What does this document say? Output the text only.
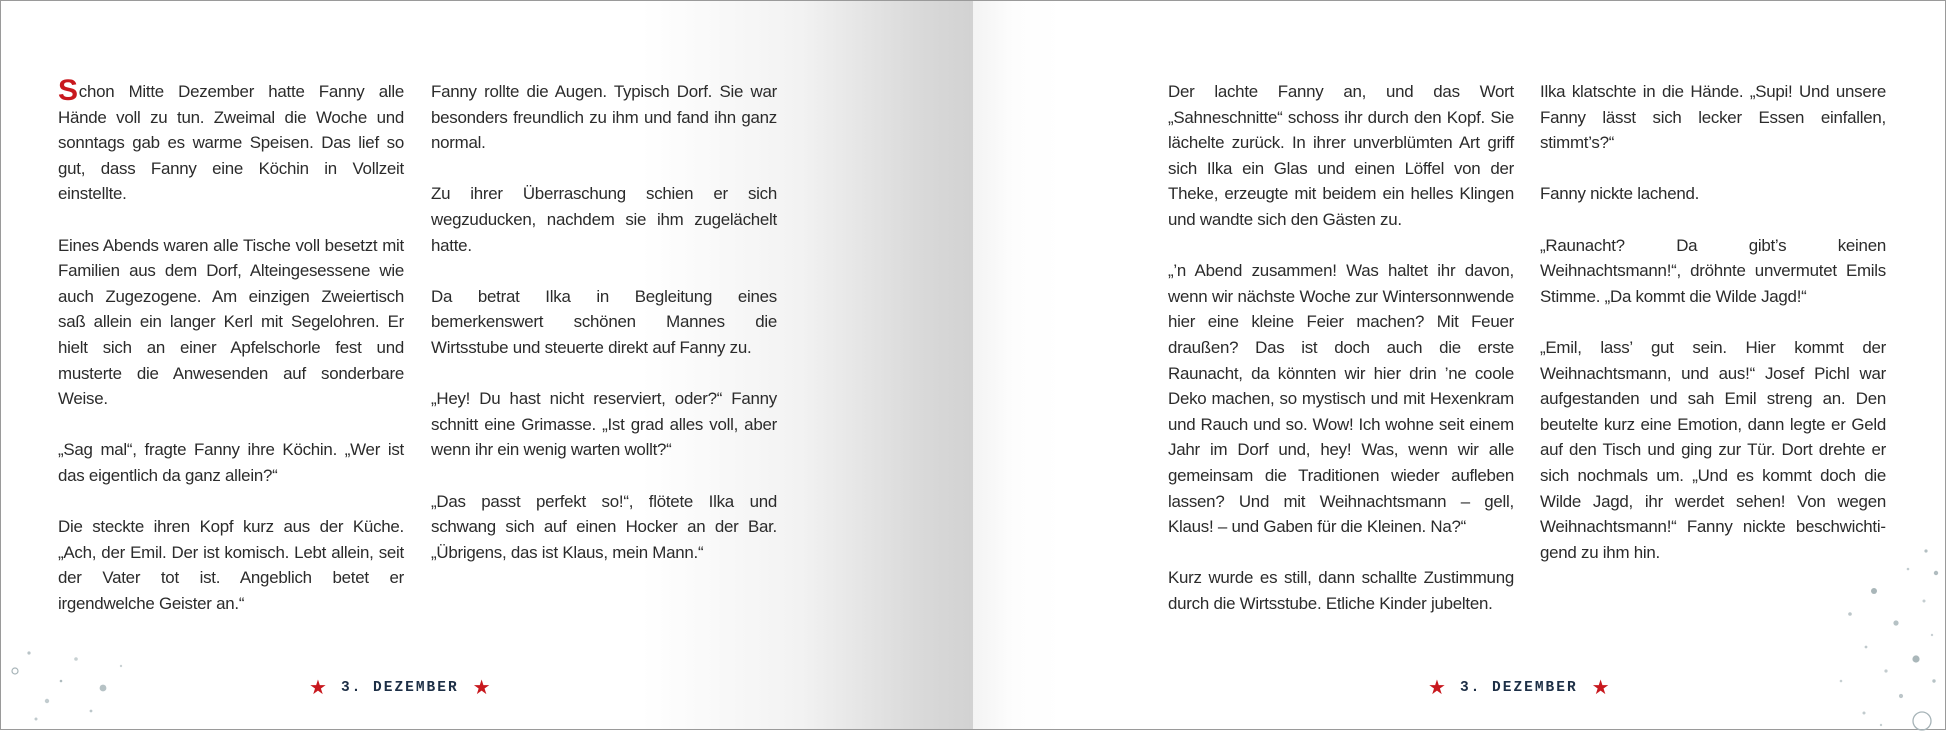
Schon Mitte Dezember hatte Fanny alle Hände voll zu tun. Zweimal die Woche und sonntags gab es warme Speisen. Das lief so gut, dass Fanny eine Köchin in Vollzeit einstellte.

Eines Abends waren alle Tische voll besetzt mit Familien aus dem Dorf, Alteingesessene wie auch Zugezogene. Am einzigen Zweiertisch saß allein ein langer Kerl mit Segelohren. Er hielt sich an einer Apfelschorle fest und musterte die Anwesenden auf sonderbare Weise.

„Sag mal“, fragte Fanny ihre Köchin. „Wer ist das eigentlich da ganz allein?“

Die steckte ihren Kopf kurz aus der Küche. „Ach, der Emil. Der ist komisch. Lebt allein, seit der Vater tot ist. Angeblich betet er irgendwelche Geister an.“

Fanny rollte die Augen. Typisch Dorf. Sie war besonders freundlich zu ihm und fand ihn ganz normal.

Zu ihrer Überraschung schien er sich wegzuducken, nachdem sie ihm zugelächelt hatte.

Da betrat Ilka in Begleitung eines bemerkenswert schönen Mannes die Wirtsstube und steuerte direkt auf Fanny zu.

„Hey! Du hast nicht reserviert, oder?“ Fanny schnitt eine Grimasse. „Ist grad alles voll, aber wenn ihr ein wenig warten wollt?“

„Das passt perfekt so!“, flötete Ilka und schwang sich auf einen Hocker an der Bar. „Übrigens, das ist Klaus, mein Mann.“

★ 3. DEZEMBER ★

Der lachte Fanny an, und das Wort „Sahneschnitte“ schoss ihr durch den Kopf. Sie lächelte zurück. In ihrer unverblümten Art griff sich Ilka ein Glas und einen Löffel von der Theke, erzeugte mit beidem ein helles Klingen und wandte sich den Gästen zu.

„’n Abend zusammen! Was haltet ihr davon, wenn wir nächste Woche zur Wintersonnwende hier eine kleine Feier machen? Mit Feuer draußen? Das ist doch auch die erste Raunacht, da könnten wir hier drin ’ne coole Deko machen, so mystisch und mit Hexenkram und Rauch und so. Wow! Ich wohne seit einem Jahr im Dorf und, hey! Was, wenn wir alle gemeinsam die Traditionen wieder aufleben lassen? Und mit Weihnachtsmann – gell, Klaus! – und Gaben für die Kleinen. Na?“

Kurz wurde es still, dann schallte Zustimmung durch die Wirtsstube. Etliche Kinder jubelten.

Ilka klatschte in die Hände. „Supi! Und unsere Fanny lässt sich lecker Essen einfallen, stimmt’s?“

Fanny nickte lachend.

„Raunacht? Da gibt’s keinen Weihnachtsmann!“, dröhnte unvermutet Emils Stimme. „Da kommt die Wilde Jagd!“

„Emil, lass’ gut sein. Hier kommt der Weihnachtsmann, und aus!“ Josef Pichl war aufgestanden und sah Emil streng an. Den beutelte kurz eine Emotion, dann legte er Geld auf den Tisch und ging zur Tür. Dort drehte er sich nochmals um. „Und es kommt doch die Wilde Jagd, ihr werdet sehen! Von wegen Weihnachtsmann!“ Fanny nickte beschwichtigend zu ihm hin.

★ 3. DEZEMBER ★
